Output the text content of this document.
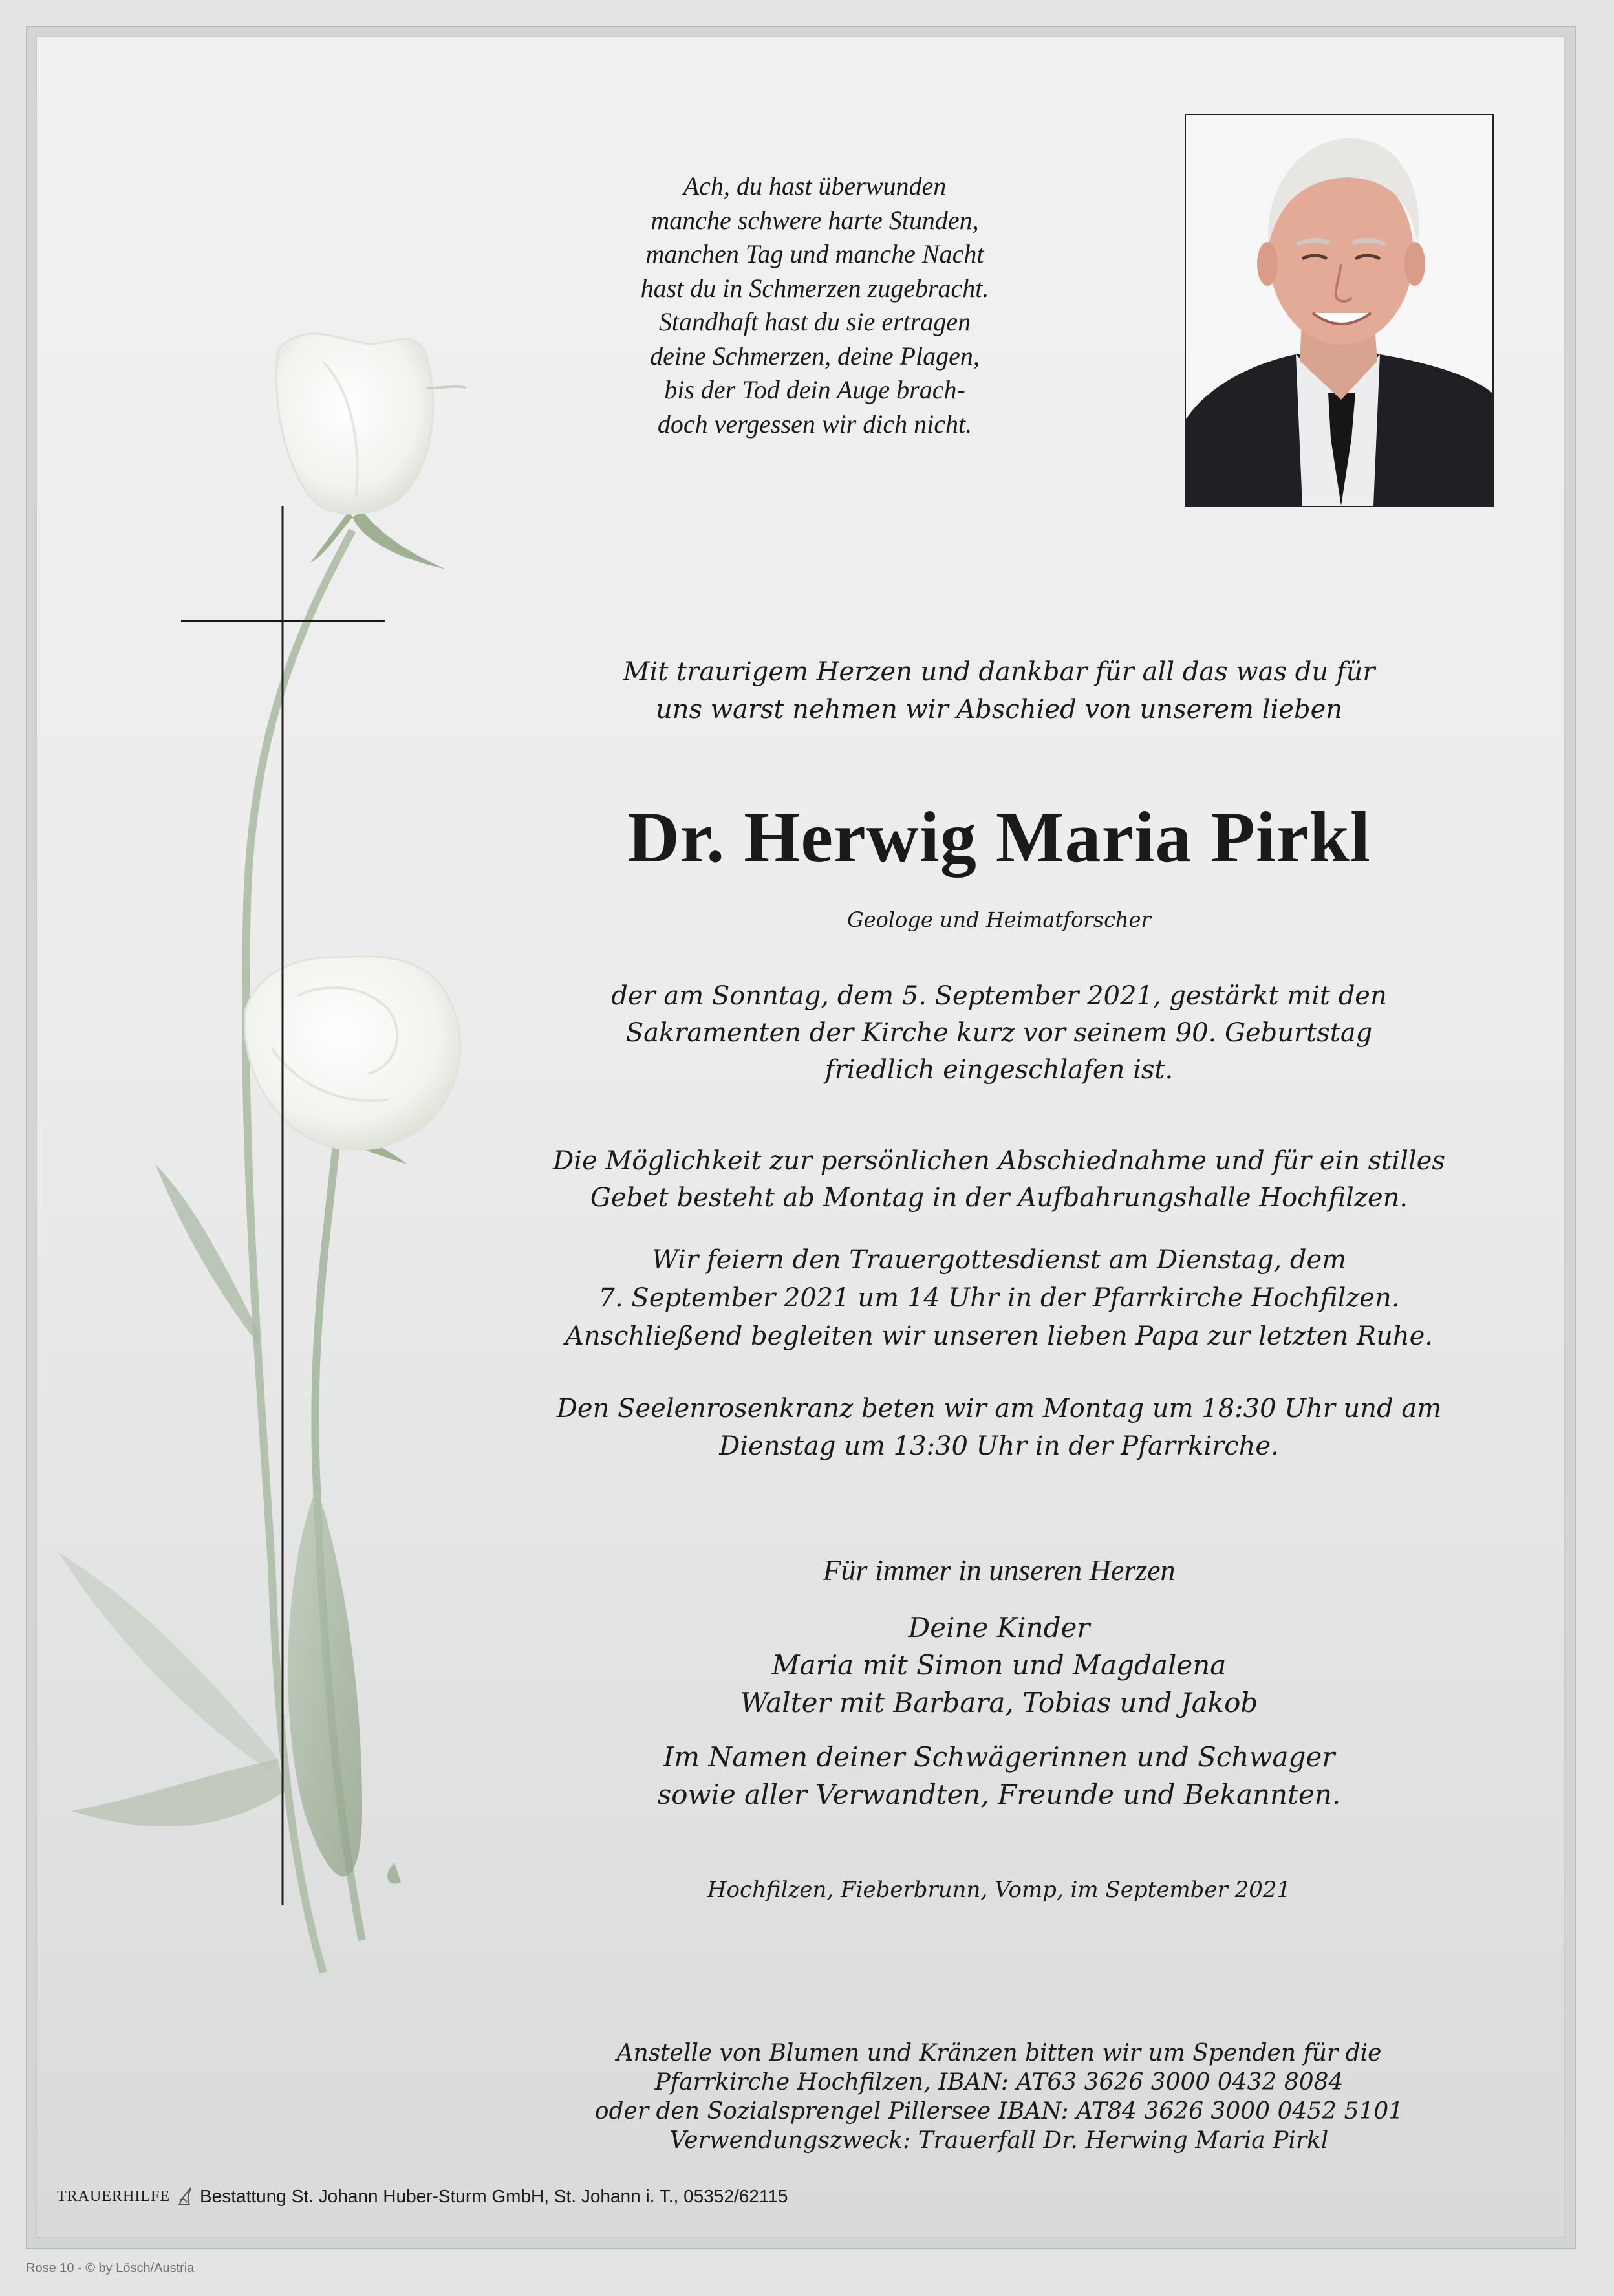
Ach, du hast überwunden

manche schwere harte Stunden,

manchen Tag und manche Nacht

hast du in Schmerzen zugebracht.

Standhaft hast du sie ertragen

deine Schmerzen, deine Plagen,

bis der Tod dein Auge brach-

doch vergessen wir dich nicht.

Mit traurigem Herzen und dankbar für all das was du für

uns warst nehmen wir Abschied von unserem lieben

Dr. Herwig Maria Pirkl
Geologe und Heimatforscher

der am Sonntag, dem 5. September 2021, gestärkt mit den

Sakramenten der Kirche kurz vor seinem 90. Geburtstag

friedlich eingeschlafen ist.

Die Möglichkeit zur persönlichen Abschiednahme und für ein stilles

Gebet besteht ab Montag in der Aufbahrungshalle Hochfilzen.

Wir feiern den Trauergottesdienst am Dienstag, dem

7. September 2021 um 14 Uhr in der Pfarrkirche Hochfilzen.

Anschließend begleiten wir unseren lieben Papa zur letzten Ruhe.

Den Seelenrosenkranz beten wir am Montag um 18:30 Uhr und am

Dienstag um 13:30 Uhr in der Pfarrkirche.

Für immer in unseren Herzen

Deine Kinder

Maria mit Simon und Magdalena

Walter mit Barbara, Tobias und Jakob

Im Namen deiner Schwägerinnen und Schwager

sowie aller Verwandten, Freunde und Bekannten.

Hochfilzen, Fieberbrunn, Vomp, im September 2021

Anstelle von Blumen und Kränzen bitten wir um Spenden für die

Pfarrkirche Hochfilzen, IBAN: AT63 3626 3000 0432 8084

oder den Sozialsprengel Pillersee IBAN: AT84 3626 3000 0452 5101

Verwendungszweck: Trauerfall Dr. Herwing Maria Pirkl

TRAUERHILFE Bestattung St. Johann Huber-Sturm GmbH, St. Johann i. T., 05352/62115
Rose 10 - © by Lösch/Austria
